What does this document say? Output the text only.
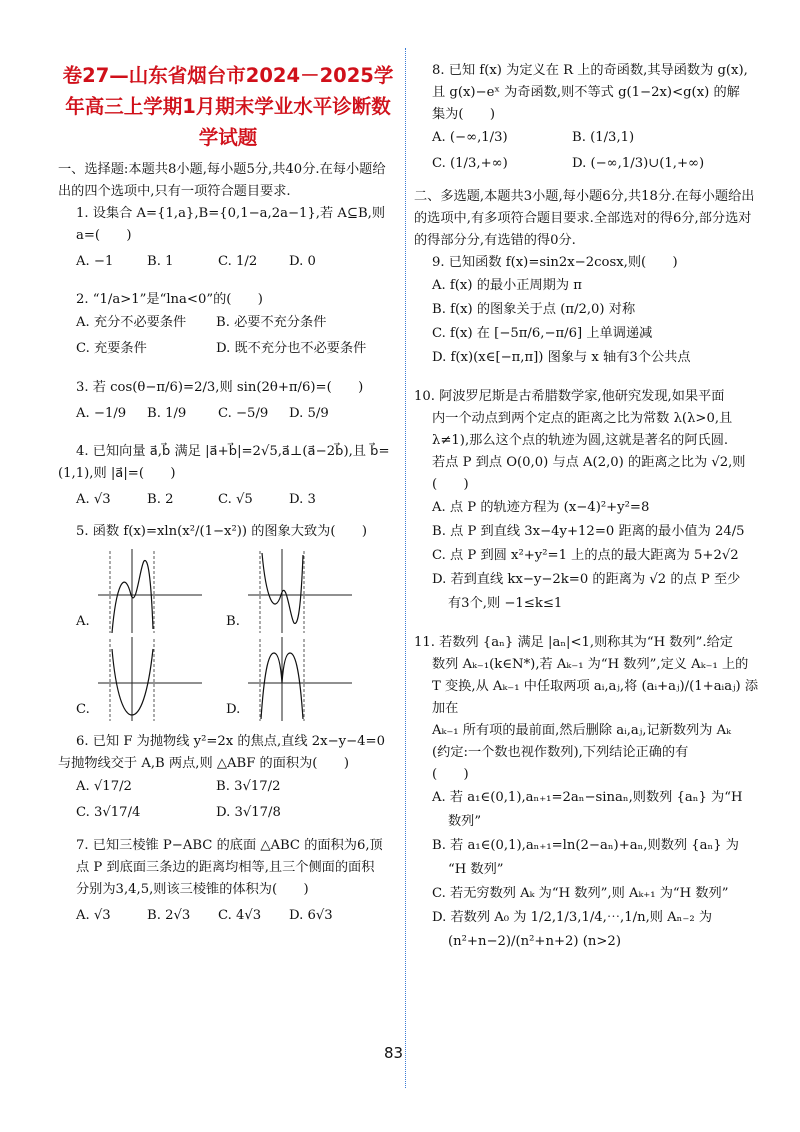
卷27—山东省烟台市2024－2025学年高三上学期1月期末学业水平诊断数学试题

一、选择题:本题共8小题,每小题5分,共40分.在每小题给出的四个选项中,只有一项符合题目要求.

1. 设集合 A={1,a},B={0,1−a,2a−1},若 A⊆B,则 a=(　　)
A. −1	B. 1	C. 1/2	D. 0
2. “1/a>1”是“lna<0”的(　　)
A. 充分不必要条件	B. 必要不充分条件
C. 充要条件	D. 既不充分也不必要条件
3. 若 cos(θ−π/6)=2/3,则 sin(2θ+π/6)=(　　)
A. −1/9	B. 1/9	C. −5/9	D. 5/9
4. 已知向量 a⃗,b⃗ 满足 |a⃗+b⃗|=2√5,a⃗⊥(a⃗−2b⃗),且 b⃗=
(1,1),则 |a⃗|=(　　)
A. √3	B. 2	C. √5	D. 3
5. 函数 f(x)=xln(x²/(1−x²)) 的图象大致为(　　)
A.	B.
C.	D.
6. 已知 F 为抛物线 y²=2x 的焦点,直线 2x−y−4=0
与抛物线交于 A,B 两点,则 △ABF 的面积为(　　)
A. √17/2	B. 3√17/2
C. 3√17/4	D. 3√17/8
7. 已知三棱锥 P−ABC 的底面 △ABC 的面积为6,顶
点 P 到底面三条边的距离均相等,且三个侧面的面积
分别为3,4,5,则该三棱锥的体积为(　　)
A. √3	B. 2√3	C. 4√3	D. 6√3
8. 已知 f(x) 为定义在 R 上的奇函数,其导函数为 g(x),
且 g(x)−eˣ 为奇函数,则不等式 g(1−2x)<g(x) 的解
集为(　　)
A. (−∞,1/3)	B. (1/3,1)
C. (1/3,+∞)	D. (−∞,1/3)∪(1,+∞)

二、多选题,本题共3小题,每小题6分,共18分.在每小题给出的选项中,有多项符合题目要求.全部选对的得6分,部分选对的得部分分,有选错的得0分.

9. 已知函数 f(x)=sin2x−2cosx,则(　　)
A. f(x) 的最小正周期为 π
B. f(x) 的图象关于点 (π/2,0) 对称
C. f(x) 在 [−5π/6,−π/6] 上单调递减
D. f(x)(x∈[−π,π]) 图象与 x 轴有3个公共点
10. 阿波罗尼斯是古希腊数学家,他研究发现,如果平面
内一个动点到两个定点的距离之比为常数 λ(λ>0,且
λ≠1),那么这个点的轨迹为圆,这就是著名的阿氏圆.
若点 P 到点 O(0,0) 与点 A(2,0) 的距离之比为 √2,则
(　　)
A. 点 P 的轨迹方程为 (x−4)²+y²=8
B. 点 P 到直线 3x−4y+12=0 距离的最小值为 24/5
C. 点 P 到圆 x²+y²=1 上的点的最大距离为 5+2√2
D. 若到直线 kx−y−2k=0 的距离为 √2 的点 P 至少
有3个,则 −1≤k≤1
11. 若数列 {aₙ} 满足 |aₙ|<1,则称其为“H 数列”.给定
数列 Aₖ₋₁(k∈N*),若 Aₖ₋₁ 为“H 数列”,定义 Aₖ₋₁ 上的
T 变换,从 Aₖ₋₁ 中任取两项 aᵢ,aⱼ,将 (aᵢ+aⱼ)/(1+aᵢaⱼ) 添加在
Aₖ₋₁ 所有项的最前面,然后删除 aᵢ,aⱼ,记新数列为 Aₖ
(约定:一个数也视作数列),下列结论正确的有
(　　)
A. 若 a₁∈(0,1),aₙ₊₁=2aₙ−sinaₙ,则数列 {aₙ} 为“H
数列”
B. 若 a₁∈(0,1),aₙ₊₁=ln(2−aₙ)+aₙ,则数列 {aₙ} 为
“H 数列”
C. 若无穷数列 Aₖ 为“H 数列”,则 Aₖ₊₁ 为“H 数列”
D. 若数列 A₀ 为 1/2,1/3,1/4,⋯,1/n,则 Aₙ₋₂ 为
(n²+n−2)/(n²+n+2) (n>2)
83
